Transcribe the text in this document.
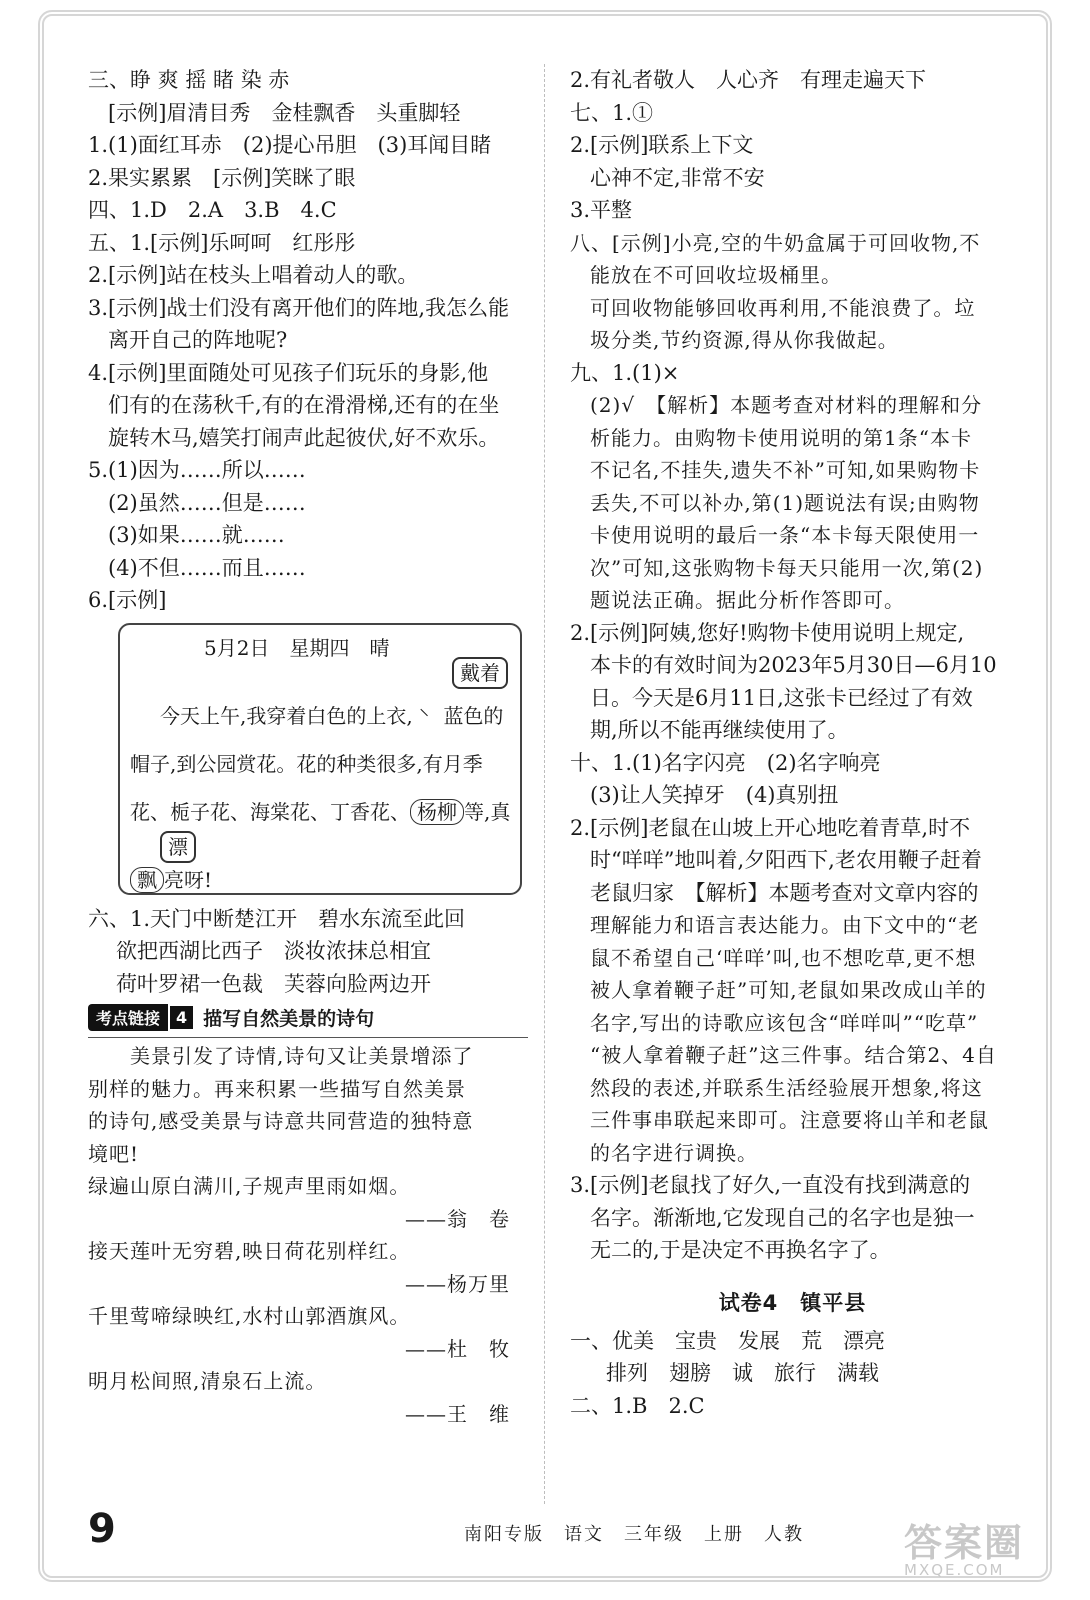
三、睁 爽 摇 睹 染 赤
[示例]眉清目秀　金桂飘香　头重脚轻
1.(1)面红耳赤　(2)提心吊胆　(3)耳闻目睹
2.果实累累　[示例]笑眯了眼
四、1.D　2.A　3.B　4.C
五、1.[示例]乐呵呵　红彤彤
2.[示例]站在枝头上唱着动人的歌。
3.[示例]战士们没有离开他们的阵地,我怎么能
离开自己的阵地呢?
4.[示例]里面随处可见孩子们玩乐的身影,他
们有的在荡秋千,有的在滑滑梯,还有的在坐
旋转木马,嬉笑打闹声此起彼伏,好不欢乐。
5.(1)因为……所以……
(2)虽然……但是……
(3)如果……就……
(4)不但……而且……
6.[示例]
5月2日　星期四　晴
戴着
今天上午,我穿着白色的上衣, ⸌ 蓝色的
帽子,到公园赏花。花的种类很多,有月季
花、栀子花、海棠花、丁香花、 杨柳 等,真
漂
飘 亮呀!
六、1.天门中断楚江开　碧水东流至此回
欲把西湖比西子　淡妆浓抹总相宜
荷叶罗裙一色裁　芙蓉向脸两边开
考点链接	4 描写自然美景的诗句
美景引发了诗情,诗句又让美景增添了
别样的魅力。再来积累一些描写自然美景
的诗句,感受美景与诗意共同营造的独特意
境吧!
绿遍山原白满川,子规声里雨如烟。
——翁　卷
接天莲叶无穷碧,映日荷花别样红。
——杨万里
千里莺啼绿映红,水村山郭酒旗风。
——杜　牧
明月松间照,清泉石上流。
——王　维
2.有礼者敬人　人心齐　有理走遍天下
七、1.①
2.[示例]联系上下文
心神不定,非常不安
3.平整
八、[示例]小亮,空的牛奶盒属于可回收物,不
能放在不可回收垃圾桶里。
可回收物能够回收再利用,不能浪费了。垃
圾分类,节约资源,得从你我做起。
九、1.(1)×
(2)√　【解析】本题考查对材料的理解和分
析能力。由购物卡使用说明的第1条“本卡
不记名,不挂失,遗失不补”可知,如果购物卡
丢失,不可以补办,第(1)题说法有误;由购物
卡使用说明的最后一条“本卡每天限使用一
次”可知,这张购物卡每天只能用一次,第(2)
题说法正确。据此分析作答即可。
2.[示例]阿姨,您好!购物卡使用说明上规定,
本卡的有效时间为2023年5月30日—6月10
日。今天是6月11日,这张卡已经过了有效
期,所以不能再继续使用了。
十、1.(1)名字闪亮　(2)名字响亮
(3)让人笑掉牙　(4)真别扭
2.[示例]老鼠在山坡上开心地吃着青草,时不
时“咩咩”地叫着,夕阳西下,老农用鞭子赶着
老鼠归家　【解析】本题考查对文章内容的
理解能力和语言表达能力。由下文中的“老
鼠不希望自己‘咩咩’叫,也不想吃草,更不想
被人拿着鞭子赶”可知,老鼠如果改成山羊的
名字,写出的诗歌应该包含“咩咩叫”“吃草”
“被人拿着鞭子赶”这三件事。结合第2、4自
然段的表述,并联系生活经验展开想象,将这
三件事串联起来即可。注意要将山羊和老鼠
的名字进行调换。
3.[示例]老鼠找了好久,一直没有找到满意的
名字。渐渐地,它发现自己的名字也是独一
无二的,于是决定不再换名字了。
试卷4　镇平县
一、优美　宝贵　发展　荒　漂亮
排列　翅膀　诚　旅行　满载
二、1.B　2.C
9	南阳专版　语文　三年级　上册　人教	答案圈
MXQE.COM
